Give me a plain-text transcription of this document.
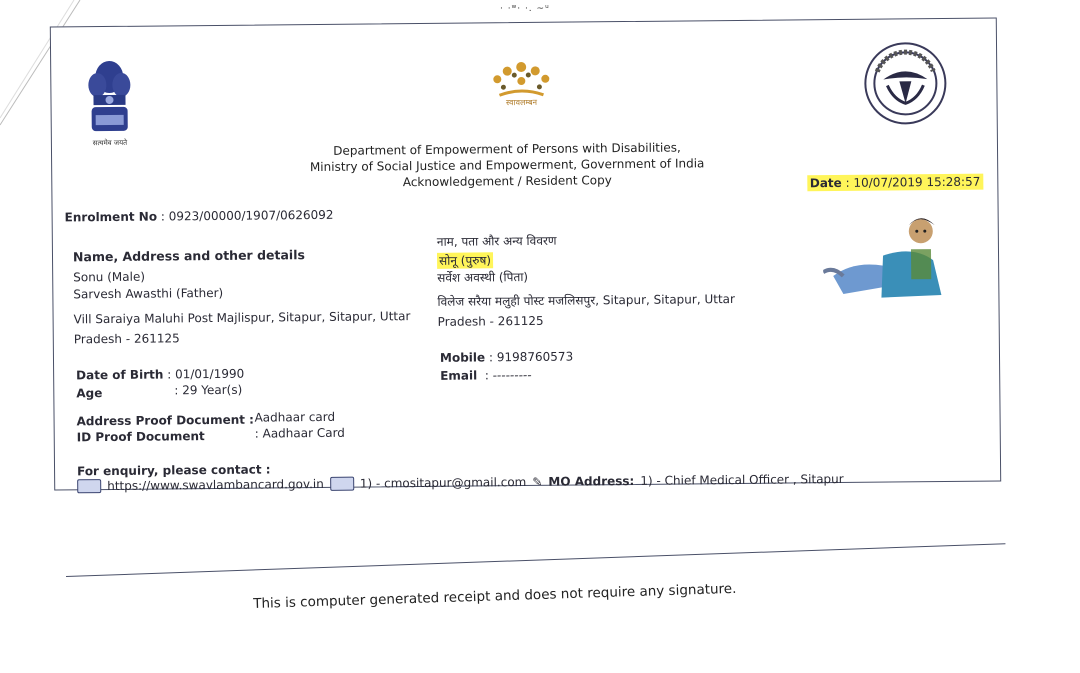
· ·ʷ· ·. ~ᵘ
सत्यमेव जयते
स्वावलम्बन
Department of Empowerment of Persons with Disabilities,
Ministry of Social Justice and Empowerment, Government of India
Acknowledgement / Resident Copy	Date : 10/07/2019 15:28:57
Enrolment No : 0923/00000/1907/0626092
Name, Address and other details
Sonu (Male)
Sarvesh Awasthi (Father)
Vill Saraiya Maluhi Post Majlispur, Sitapur, Sitapur, Uttar
Pradesh - 261125
Date of Birth : 01/01/1990
Age	: 29 Year(s)
Address Proof Document : Aadhaar card
ID Proof Document	: Aadhaar Card
नाम, पता और अन्य विवरण
सोनू (पुरुष)
सर्वेश अवस्थी (पिता)
विलेज सरैया मलुही पोस्ट मजलिसपुर, Sitapur, Sitapur, Uttar
Pradesh - 261125
Mobile : 9198760573
Email : ---------
For enquiry, please contact :
https://www.swavlambancard.gov.in	1) - cmositapur@gmail.com ✎ MO Address: 1) - Chief Medical Officer , Sitapur
This is computer generated receipt and does not require any signature.
